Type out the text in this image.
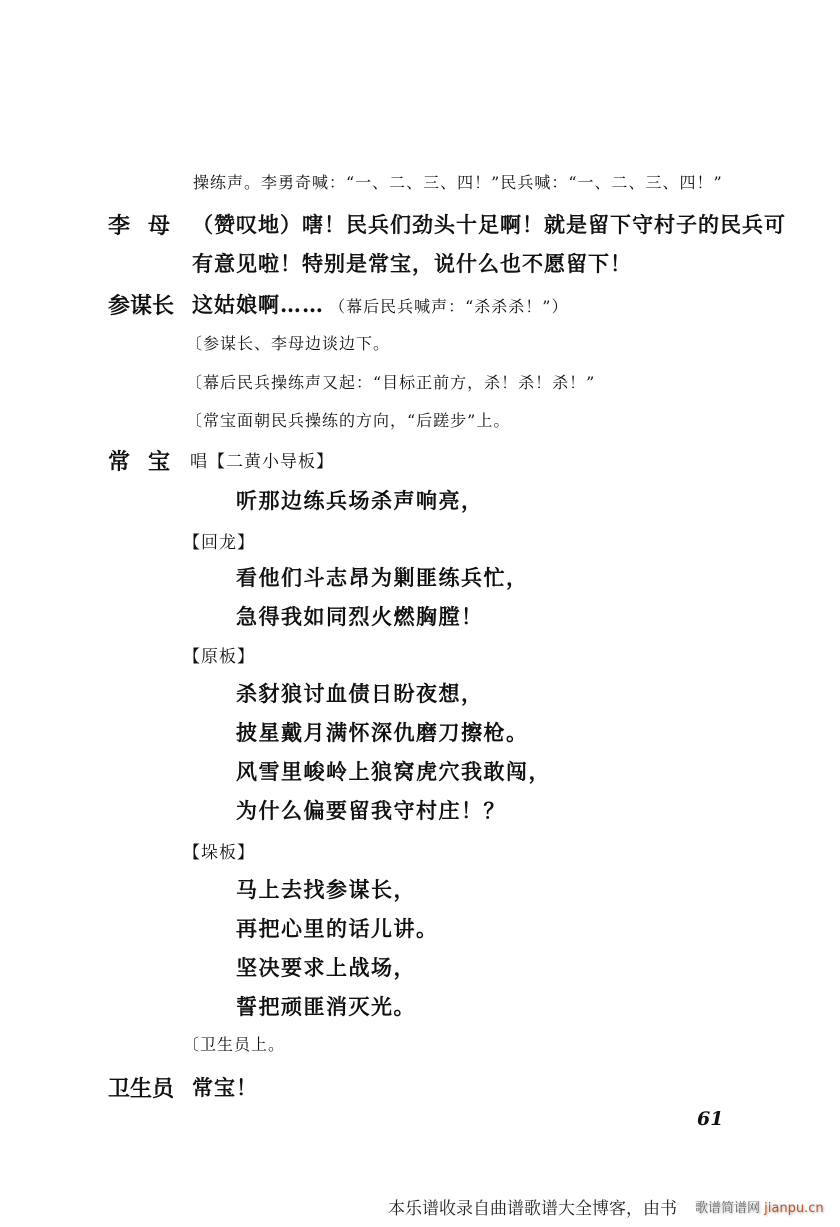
操练声。李勇奇喊：“一、二、三、四！”民兵喊：“一、二、三、四！”
李母 （赞叹地）嗐！民兵们劲头十足啊！就是留下守村子的民兵可
有意见啦！特别是常宝，说什么也不愿留下！
参谋长 这姑娘啊…… （幕后民兵喊声：“杀杀杀！”）
〔参谋长、李母边谈边下。
〔幕后民兵操练声又起：“目标正前方，杀！杀！杀！”
〔常宝面朝民兵操练的方向，“后蹉步”上。
常宝 唱【二黄小导板】
听那边练兵场杀声响亮，
【回龙】
看他们斗志昂为剿匪练兵忙，
急得我如同烈火燃胸膛！
【原板】
杀豺狼讨血债日盼夜想，
披星戴月满怀深仇磨刀擦枪。
风雪里峻岭上狼窝虎穴我敢闯，
为什么偏要留我守村庄！？
【垛板】
马上去找参谋长，
再把心里的话儿讲。
坚决要求上战场，
誓把顽匪消灭光。
〔卫生员上。
卫生员 常宝！
61
本乐谱收录自曲谱歌谱大全博客，由书 歌谱简谱网 jianpu.cn
